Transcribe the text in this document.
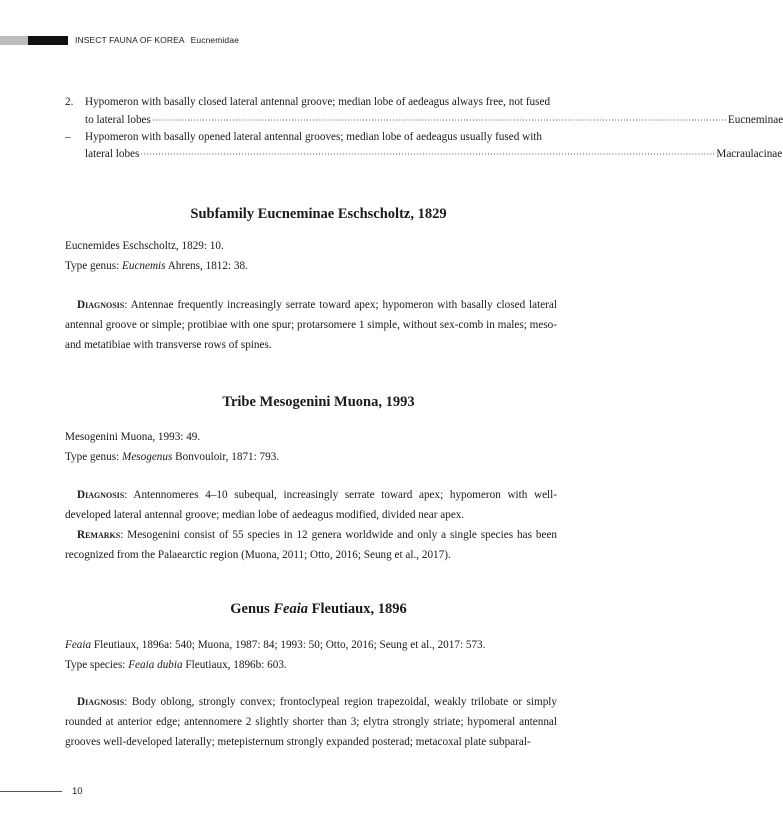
INSECT FAUNA OF KOREA Eucnemidae
2. Hypomeron with basally closed lateral antennal groove; median lobe of aedeagus always free, not fused
to lateral lobes ·································································································································································································· Eucneminae
– Hypomeron with basally opened lateral antennal grooves; median lobe of aedeagus usually fused with
lateral lobes ·································································································································································································· Macraulacinae
Subfamily Eucneminae Eschscholtz, 1829
Eucnemides Eschscholtz, 1829: 10.
Type genus: Eucnemis Ahrens, 1812: 38.
Diagnosis: Antennae frequently increasingly serrate toward apex; hypomeron with basally closed lateral antennal groove or simple; protibiae with one spur; protarsomere 1 simple, without sex-comb in males; meso- and metatibiae with transverse rows of spines.
Tribe Mesogenini Muona, 1993
Mesogenini Muona, 1993: 49.
Type genus: Mesogenus Bonvouloir, 1871: 793.
Diagnosis: Antennomeres 4–10 subequal, increasingly serrate toward apex; hypomeron with well-developed lateral antennal groove; median lobe of aedeagus modified, divided near apex.
Remarks: Mesogenini consist of 55 species in 12 genera worldwide and only a single species has been recognized from the Palaearctic region (Muona, 2011; Otto, 2016; Seung et al., 2017).
Genus Feaia Fleutiaux, 1896
Feaia Fleutiaux, 1896a: 540; Muona, 1987: 84; 1993: 50; Otto, 2016; Seung et al., 2017: 573.
Type species: Feaia dubia Fleutiaux, 1896b: 603.
Diagnosis: Body oblong, strongly convex; frontoclypeal region trapezoidal, weakly trilobate or simply rounded at anterior edge; antennomere 2 slightly shorter than 3; elytra strongly striate; hypomeral antennal grooves well-developed laterally; metepisternum strongly expanded posterad; metacoxal plate subparal-
10
